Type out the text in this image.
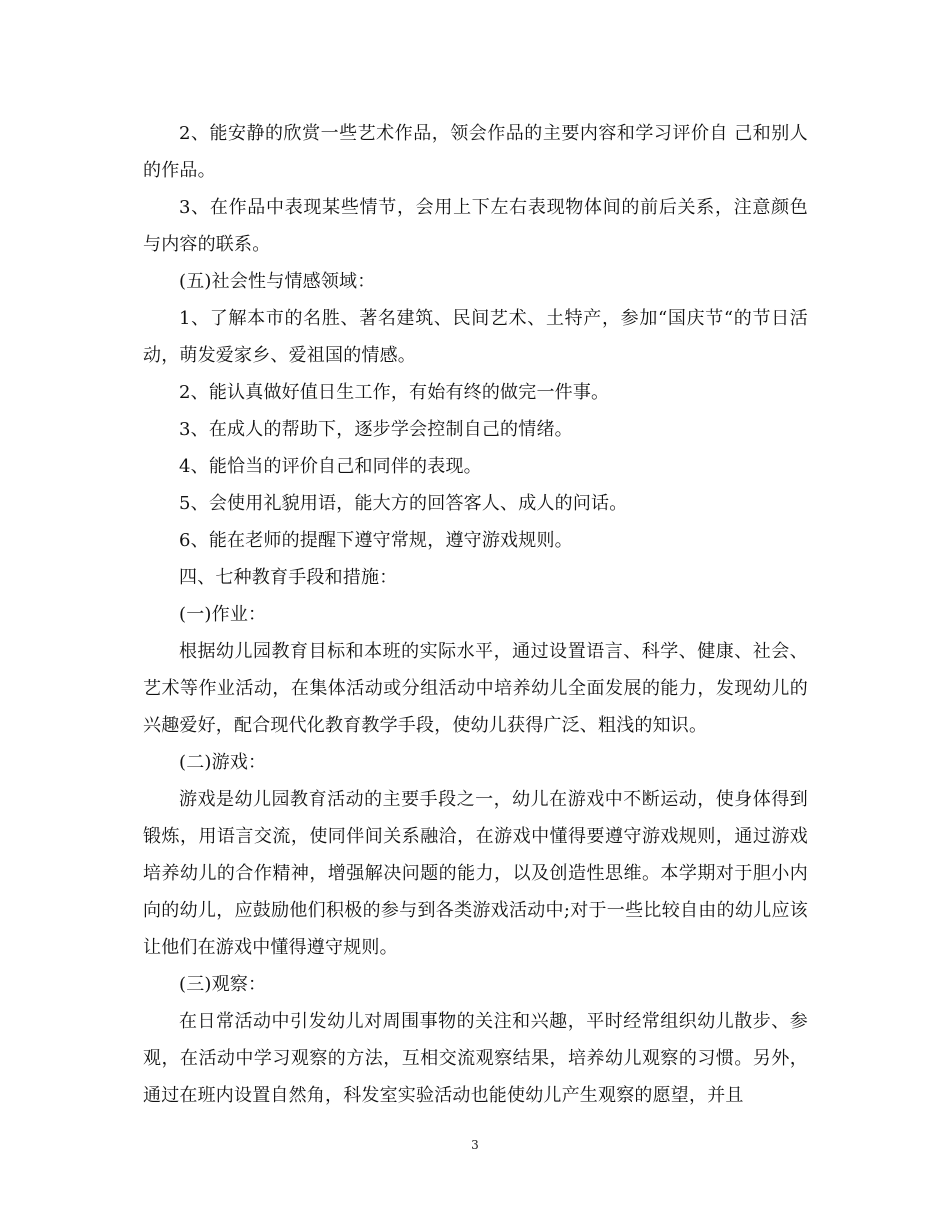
2、能安静的欣赏一些艺术作品，领会作品的主要内容和学习评价自 己和别人的作品。

3、在作品中表现某些情节，会用上下左右表现物体间的前后关系，注意颜色与内容的联系。

(五)社会性与情感领域：

1、了解本市的名胜、著名建筑、民间艺术、土特产，参加“国庆节“的节日活动，萌发爱家乡、爱祖国的情感。

2、能认真做好值日生工作，有始有终的做完一件事。

3、在成人的帮助下，逐步学会控制自己的情绪。

4、能恰当的评价自己和同伴的表现。

5、会使用礼貌用语，能大方的回答客人、成人的问话。

6、能在老师的提醒下遵守常规，遵守游戏规则。

四、七种教育手段和措施：

(一)作业：

根据幼儿园教育目标和本班的实际水平，通过设置语言、科学、健康、社会、艺术等作业活动，在集体活动或分组活动中培养幼儿全面发展的能力，发现幼儿的兴趣爱好，配合现代化教育教学手段，使幼儿获得广泛、粗浅的知识。

(二)游戏：

游戏是幼儿园教育活动的主要手段之一，幼儿在游戏中不断运动，使身体得到锻炼，用语言交流，使同伴间关系融洽，在游戏中懂得要遵守游戏规则，通过游戏培养幼儿的合作精神，增强解决问题的能力，以及创造性思维。本学期对于胆小内向的幼儿，应鼓励他们积极的参与到各类游戏活动中;对于一些比较自由的幼儿应该让他们在游戏中懂得遵守规则。

(三)观察：

在日常活动中引发幼儿对周围事物的关注和兴趣，平时经常组织幼儿散步、参观，在活动中学习观察的方法，互相交流观察结果，培养幼儿观察的习惯。另外，通过在班内设置自然角，科发室实验活动也能使幼儿产生观察的愿望，并且

3
